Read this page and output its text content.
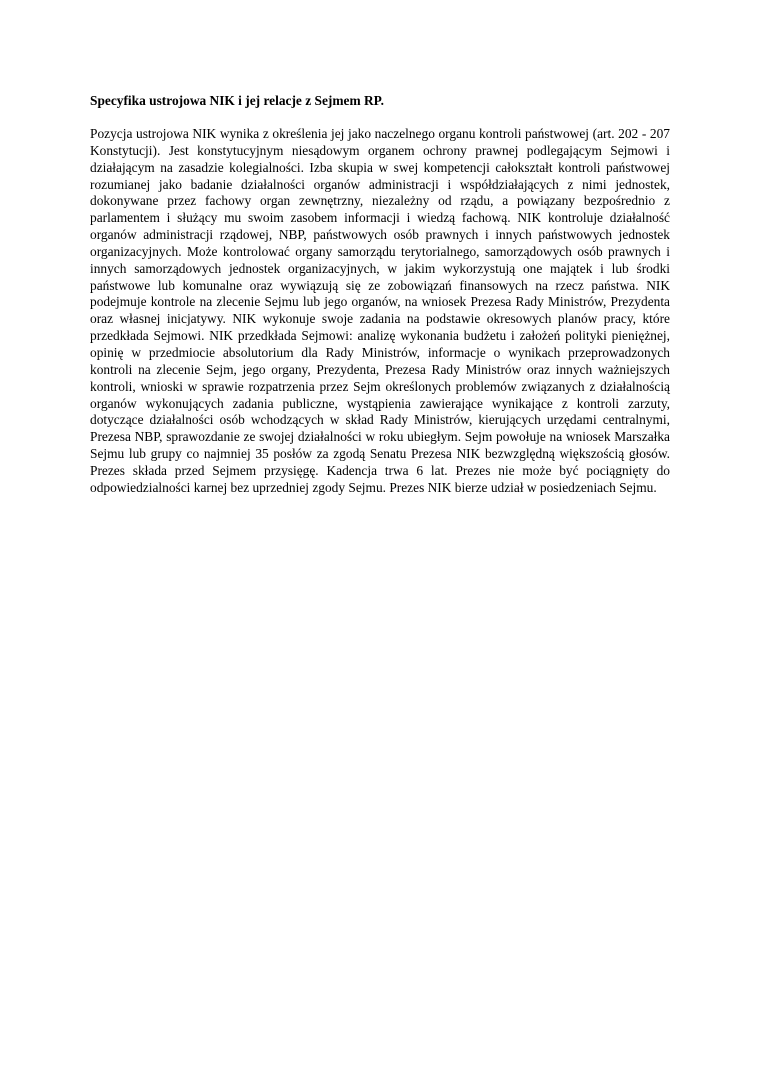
Specyfika ustrojowa NIK i jej relacje z Sejmem RP.

Pozycja ustrojowa NIK wynika z określenia jej jako naczelnego organu kontroli państwowej (art. 202 - 207 Konstytucji). Jest konstytucyjnym niesądowym organem ochrony prawnej podlegającym Sejmowi i działającym na zasadzie kolegialności. Izba skupia w swej kompetencji całokształt kontroli państwowej rozumianej jako badanie działalności organów administracji i współdziałających z nimi jednostek, dokonywane przez fachowy organ zewnętrzny, niezależny od rządu, a powiązany bezpośrednio z parlamentem i służący mu swoim zasobem informacji i wiedzą fachową. NIK kontroluje działalność organów administracji rządowej, NBP, państwowych osób prawnych i innych państwowych jednostek organizacyjnych. Może kontrolować organy samorządu terytorialnego, samorządowych osób prawnych i innych samorządowych jednostek organizacyjnych, w jakim wykorzystują one majątek i lub środki państwowe lub komunalne oraz wywiązują się ze zobowiązań finansowych na rzecz państwa. NIK podejmuje kontrole na zlecenie Sejmu lub jego organów, na wniosek Prezesa Rady Ministrów, Prezydenta oraz własnej inicjatywy. NIK wykonuje swoje zadania na podstawie okresowych planów pracy, które przedkłada Sejmowi. NIK przedkłada Sejmowi: analizę wykonania budżetu i założeń polityki pieniężnej, opinię w przedmiocie absolutorium dla Rady Ministrów, informacje o wynikach przeprowadzonych kontroli na zlecenie Sejm, jego organy, Prezydenta, Prezesa Rady Ministrów oraz innych ważniejszych kontroli, wnioski w sprawie rozpatrzenia przez Sejm określonych problemów związanych z działalnością organów wykonujących zadania publiczne, wystąpienia zawierające wynikające z kontroli zarzuty, dotyczące działalności osób wchodzących w skład Rady Ministrów, kierujących urzędami centralnymi, Prezesa NBP, sprawozdanie ze swojej działalności w roku ubiegłym. Sejm powołuje na wniosek Marszałka Sejmu lub grupy co najmniej 35 posłów za zgodą Senatu Prezesa NIK bezwzględną większością głosów. Prezes składa przed Sejmem przysięgę. Kadencja trwa 6 lat. Prezes nie może być pociągnięty do odpowiedzialności karnej bez uprzedniej zgody Sejmu. Prezes NIK bierze udział w posiedzeniach Sejmu.
